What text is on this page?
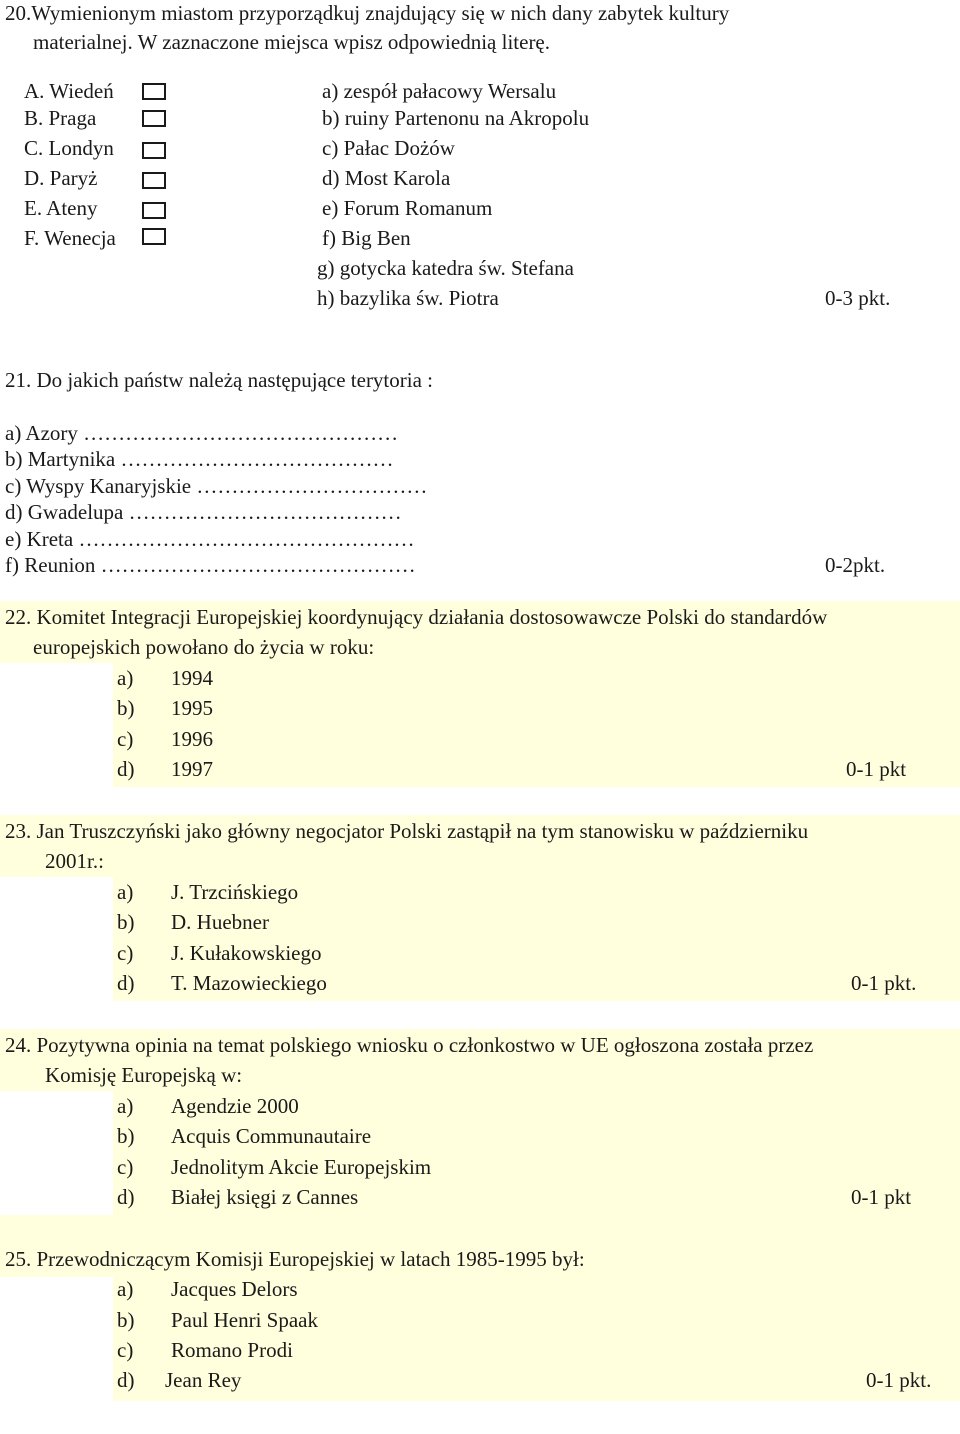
20.Wymienionym miastom przyporządkuj znajdujący się w nich dany zabytek kultury
materialnej. W zaznaczone miejsca wpisz odpowiednią literę.
A. Wiedeń
B. Praga
C. Londyn
D. Paryż
E. Ateny
F. Wenecja
a) zespół pałacowy Wersalu
b) ruiny Partenonu na Akropolu
c) Pałac Dożów
d) Most Karola
e) Forum Romanum
f) Big Ben
g) gotycka katedra św. Stefana
h) bazylika św. Piotra	0-3 pkt.
21. Do jakich państw należą następujące terytoria :
a) Azory ………………………………………
b) Martynika …………………………………
c) Wyspy Kanaryjskie ……………………………
d) Gwadelupa …………………………………
e) Kreta …………………………………………
f) Reunion ………………………………………	0-2pkt.
22. Komitet Integracji Europejskiej koordynujący działania dostosowawcze Polski do standardów
europejskich powołano do życia w roku:
a) 1994
b) 1995
c) 1996
d) 1997	0-1 pkt
23. Jan Truszczyński jako główny negocjator Polski zastąpił na tym stanowisku w październiku
2001r.:
a) J. Trzcińskiego
b) D. Huebner
c) J. Kułakowskiego
d) T. Mazowieckiego	0-1 pkt.
24. Pozytywna opinia na temat polskiego wniosku o członkostwo w UE ogłoszona została przez
Komisję Europejską w:
a) Agendzie 2000
b) Acquis Communautaire
c) Jednolitym Akcie Europejskim
d) Białej księgi z Cannes	0-1 pkt
25. Przewodniczącym Komisji Europejskiej w latach 1985-1995 był:
a) Jacques Delors
b) Paul Henri Spaak
c) Romano Prodi
d) Jean Rey	0-1 pkt.
